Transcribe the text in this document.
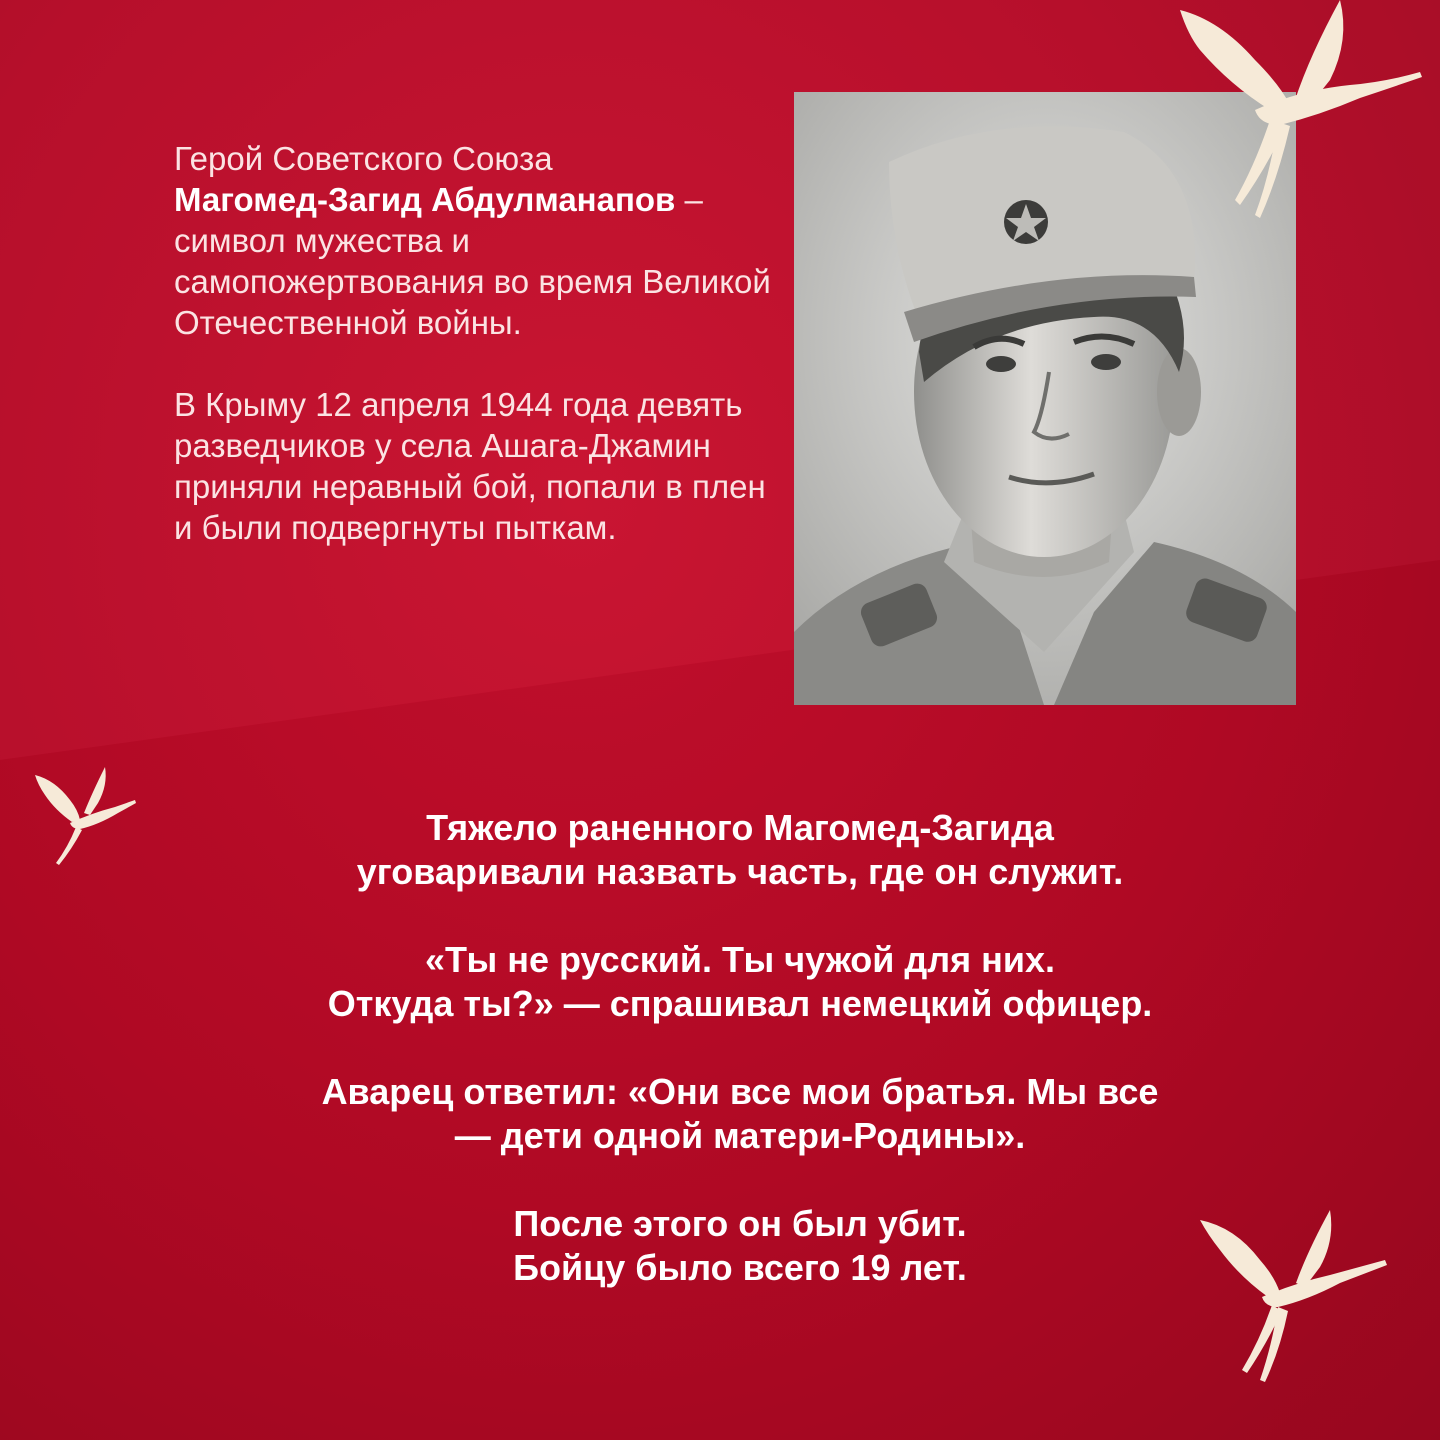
Герой Советского Союза
Магомед-Загид Абдулманапов – символ мужества и самопожертвования во время Великой Отечественной войны.

В Крыму 12 апреля 1944 года девять разведчиков у села Ашага-Джамин приняли неравный бой, попали в плен и были подвергнуты пыткам.

Тяжело раненного Магомед-Загида
уговаривали назвать часть, где он служит.

«Ты не русский. Ты чужой для них.
Откуда ты?» — спрашивал немецкий офицер.

Аварец ответил: «Они все мои братья. Мы все
— дети одной матери-Родины».

После этого он был убит.
Бойцу было всего 19 лет.
